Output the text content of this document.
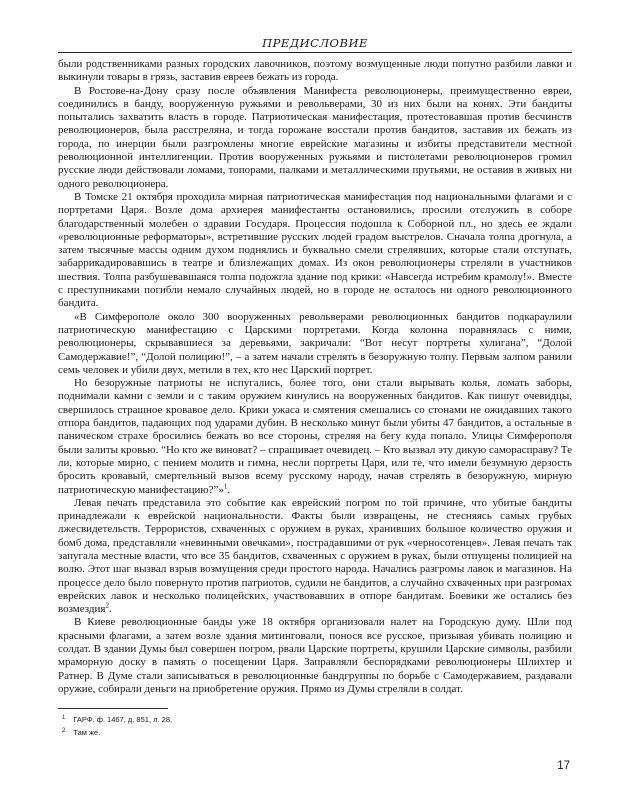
ПРЕДИСЛОВИЕ

были родственниками разных городских лавочников, поэтому возмущенные люди попутно разбили лавки и выкинули товары в грязь, заставив евреев бежать из города.

В Ростове-на-Дону сразу после объявления Манифеста революционеры, преимущественно евреи, соединились в банду, вооруженную ружьями и револьверами, 30 из них были на конях. Эти бандиты попытались захватить власть в городе. Патриотическая манифестация, протестовавшая против бесчинств революционеров, была расстреляна, и тогда горожане восстали против бандитов, заставив их бежать из города, по инерции были разгромлены многие еврейские магазины и избиты представители местной революционной интеллигенции. Против вооруженных ружьями и пистолетами революционеров громил русские люди действовали ломами, топорами, палками и металлическими прутьями, не оставив в живых ни одного революционера.

В Томске 21 октября проходила мирная патриотическая манифестация под национальными флагами и с портретами Царя. Возле дома архиерея манифестанты остановились, просили отслужить в соборе благодарственный молебен о здравии Государя. Процессия подошла к Соборной пл., но здесь ее ждали «революционные реформаторы», встретившие русских людей градом выстрелов. Сначала толпа дрогнула, а затем тысячные массы одним духом поднялись и буквально смели стрелявших, которые стали отступать, забаррикадировавшись в театре и близлежащих домах. Из окон революционеры стреляли в участников шествия. Толпа разбушевавшаяся толпа подожгла здание под крики: «Навсегда истребим крамолу!». Вместе с преступниками погибли немало случайных людей, но в городе не осталось ни одного революционного бандита.

«В Симферополе около 300 вооруженных револьверами революционных бандитов подкараулили патриотическую манифестацию с Царскими портретами. Когда колонна поравнялась с ними, революционеры, скрывавшиеся за деревьями, закричали: “Вот несут портреты хулигана”, “Долой Самодержавие!”, “Долой полицию!”, – а затем начали стрелять в безоружную толпу. Первым залпом ранили семь человек и убили двух, метили в тех, кто нес Царский портрет.

Но безоружные патриоты не испугались, более того, они стали вырывать колья, ломать заборы, поднимали камни с земли и с таким оружием кинулись на вооруженных бандитов. Как пишут очевидцы, свершилось страшное кровавое дело. Крики ужаса и смятения смешались со стонами не ожидавших такого отпора бандитов, падающих под ударами дубин. В несколько минут были убиты 47 бандитов, а остальные в паническом страхе бросились бежать во все стороны, стреляя на бегу куда попало. Улицы Симферополя были залиты кровью. “Но кто же виноват? – спрашивает очевидец. – Кто вызвал эту дикую саморасправу? Те ли, которые мирно, с пением молитв и гимна, несли портреты Царя, или те, что имели безумную дерзость бросить кровавый, смертельный вызов всему русскому народу, начав стрелять в безоружную, мирную патриотическую манифестацию?”»$^1$.

Левая печать представила это событие как еврейский погром по той причине, что убитые бандиты принадлежали к еврейской национальности. Факты были извращены, не стесняясь самых грубых лжесвидетельств. Террористов, схваченных с оружием в руках, хранивших большое количество оружия и бомб дома, представляли «невинными овечками», пострадавшими от рук «черносотенцев». Левая печать так запугала местные власти, что все 35 бандитов, схваченных с оружием в руках, были отпущены полицией на волю. Этот шаг вызвал взрыв возмущения среди простого народа. Начались разгромы лавок и магазинов. На процессе дело было повернуто против патриотов, судили не бандитов, а случайно схваченных при разгромах еврейских лавок и несколько полицейских, участвовавших в отпоре бандитам. Боевики же остались без возмездия$^2$.

В Киеве революционные банды уже 18 октября организовали налет на Городскую думу. Шли под красными флагами, а затем возле здания митинговали, понося все русское, призывая убивать полицию и солдат. В здании Думы был совершен погром, рвали Царские портреты, крушили Царские символы, разбили мраморную доску в память о посещении Царя. Заправляли беспорядками революционеры Шлихтер и Ратнер. В Думе стали записываться в революционные бандгруппы по борьбе с Самодержавием, раздавали оружие, собирали деньги на приобретение оружия. Прямо из Думы стреляли в солдат.

$^1$ ГАРФ. ф. 1467, д. 851, л. 28.
$^2$ Там же.
17
